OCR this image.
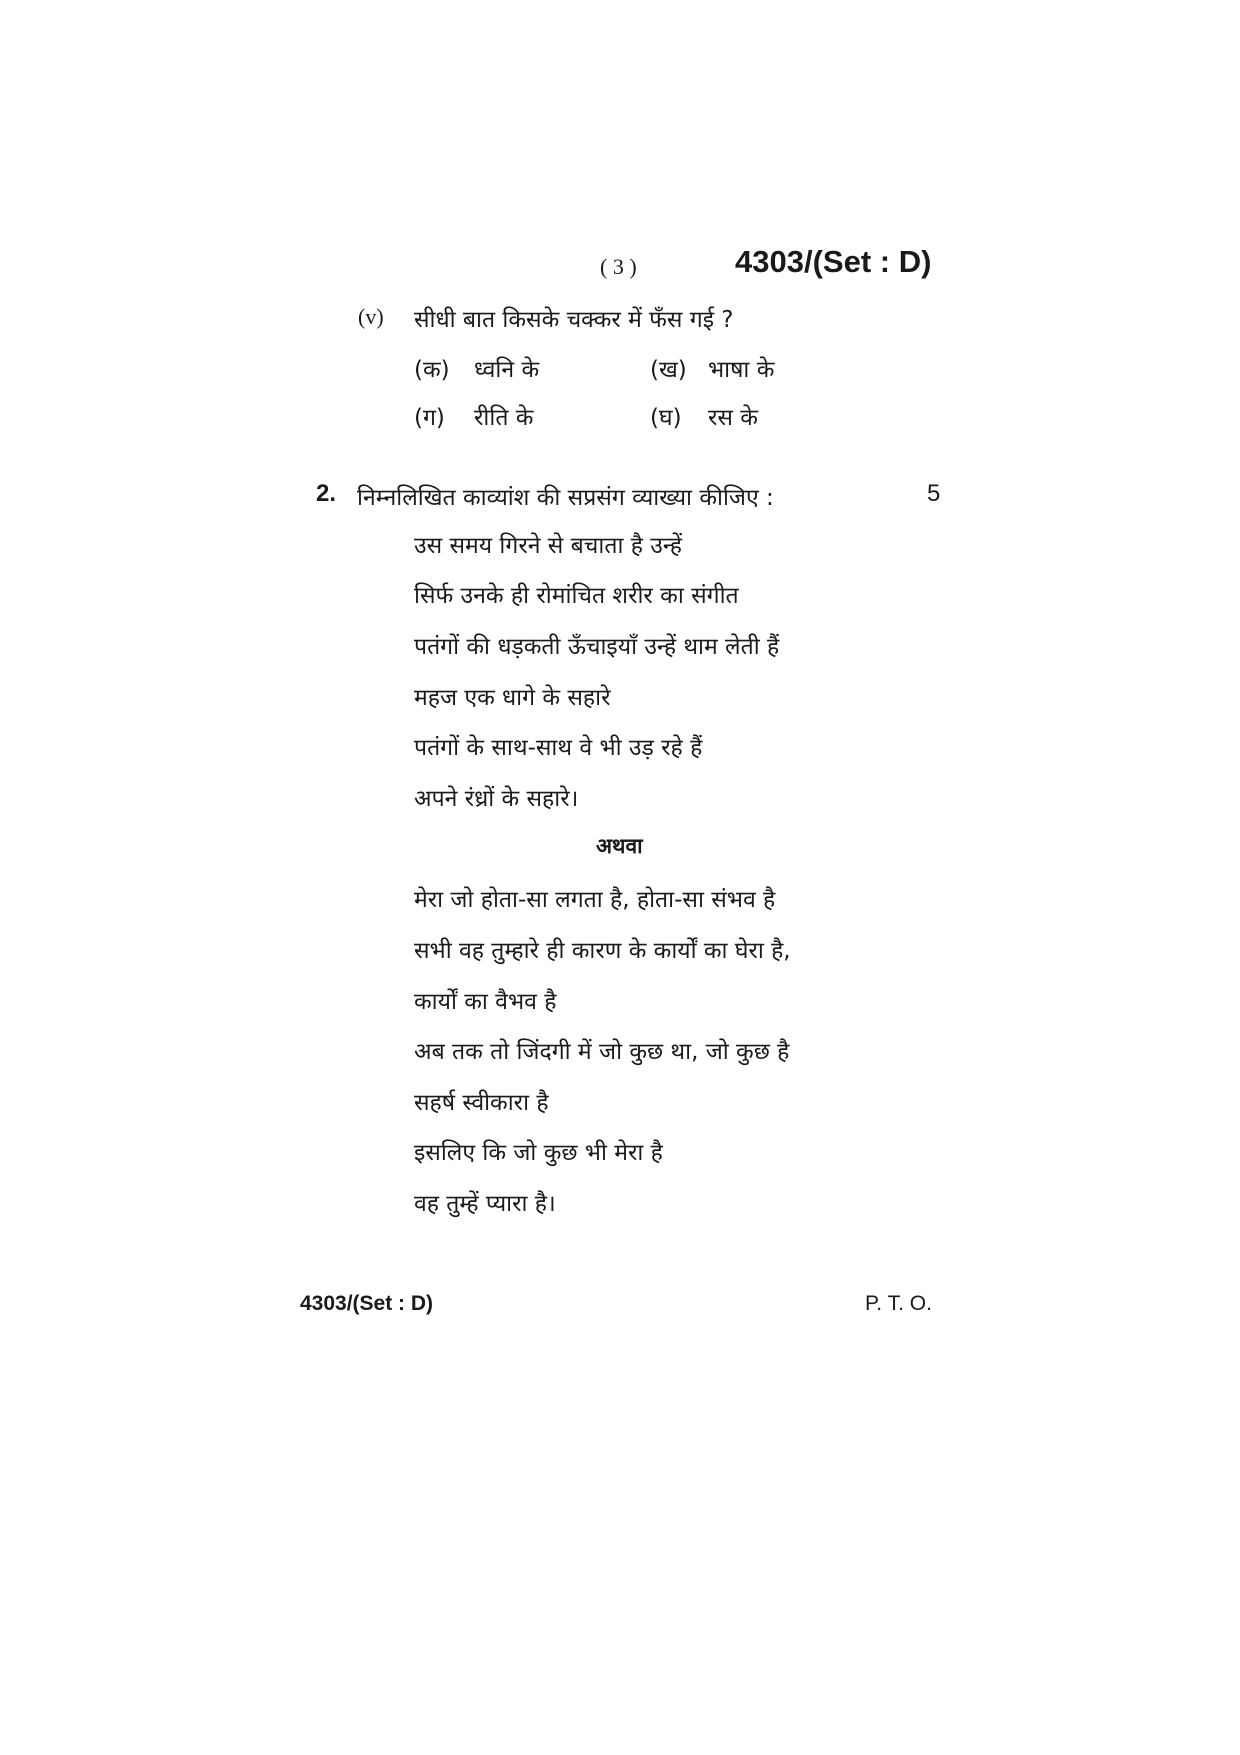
( 3 )	4303/(Set : D)
(v) सीधी बात किसके चक्कर में फँस गई ?
(क) ध्वनि के	(ख) भाषा के
(ग) रीति के	(घ) रस के
2. निम्नलिखित काव्यांश की सप्रसंग व्याख्या कीजिए :	5
उस समय गिरने से बचाता है उन्हें
सिर्फ उनके ही रोमांचित शरीर का संगीत
पतंगों की धड़कती ऊँचाइयाँ उन्हें थाम लेती हैं
महज एक धागे के सहारे
पतंगों के साथ-साथ वे भी उड़ रहे हैं
अपने रंध्रों के सहारे।
अथवा
मेरा जो होता-सा लगता है, होता-सा संभव है
सभी वह तुम्हारे ही कारण के कार्यों का घेरा है,
कार्यों का वैभव है
अब तक तो जिंदगी में जो कुछ था, जो कुछ है
सहर्ष स्वीकारा है
इसलिए कि जो कुछ भी मेरा है
वह तुम्हें प्यारा है।
4303/(Set : D)	P. T. O.
